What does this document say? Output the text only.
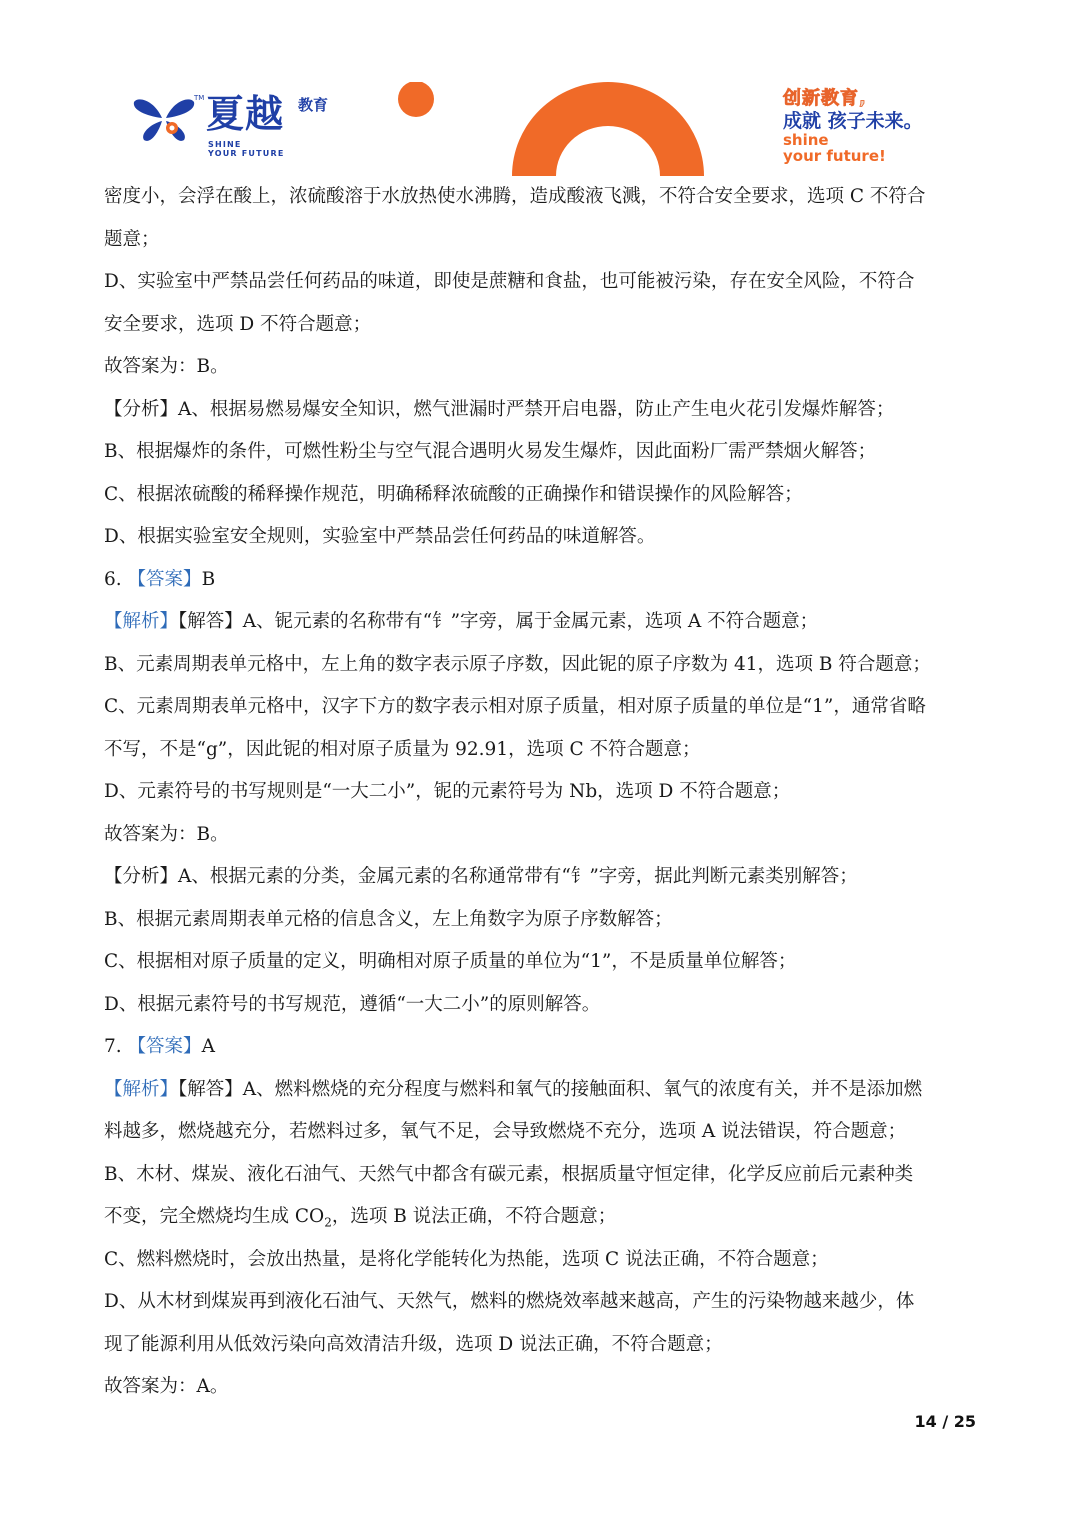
TM 夏越 教育
SHINE
YOUR FUTURE
创新教育,
成就 孩子未来。
shine
your future!
密度小，会浮在酸上，浓硫酸溶于水放热使水沸腾，造成酸液飞溅，不符合安全要求，选项 C 不符合
题意；
D、实验室中严禁品尝任何药品的味道，即使是蔗糖和食盐，也可能被污染，存在安全风险，不符合
安全要求，选项 D 不符合题意；
故答案为：B。
【分析】A、根据易燃易爆安全知识，燃气泄漏时严禁开启电器，防止产生电火花引发爆炸解答；
B、根据爆炸的条件，可燃性粉尘与空气混合遇明火易发生爆炸，因此面粉厂需严禁烟火解答；
C、根据浓硫酸的稀释操作规范，明确稀释浓硫酸的正确操作和错误操作的风险解答；
D、根据实验室安全规则，实验室中严禁品尝任何药品的味道解答。
6. 【答案】B
【解析】【解答】A、铌元素的名称带有“钅”字旁，属于金属元素，选项 A 不符合题意；
B、元素周期表单元格中，左上角的数字表示原子序数，因此铌的原子序数为 41，选项 B 符合题意；
C、元素周期表单元格中，汉字下方的数字表示相对原子质量，相对原子质量的单位是“1”，通常省略
不写，不是“g”，因此铌的相对原子质量为 92.91，选项 C 不符合题意；
D、元素符号的书写规则是“一大二小”，铌的元素符号为 Nb，选项 D 不符合题意；
故答案为：B。
【分析】A、根据元素的分类，金属元素的名称通常带有“钅”字旁，据此判断元素类别解答；
B、根据元素周期表单元格的信息含义，左上角数字为原子序数解答；
C、根据相对原子质量的定义，明确相对原子质量的单位为“1”，不是质量单位解答；
D、根据元素符号的书写规范，遵循“一大二小”的原则解答。
7. 【答案】A
【解析】【解答】A、燃料燃烧的充分程度与燃料和氧气的接触面积、氧气的浓度有关，并不是添加燃
料越多，燃烧越充分，若燃料过多，氧气不足，会导致燃烧不充分，选项 A 说法错误，符合题意；
B、木材、煤炭、液化石油气、天然气中都含有碳元素，根据质量守恒定律，化学反应前后元素种类
不变，完全燃烧均生成 $CO_2$，选项 B 说法正确，不符合题意；
C、燃料燃烧时，会放出热量，是将化学能转化为热能，选项 C 说法正确，不符合题意；
D、从木材到煤炭再到液化石油气、天然气，燃料的燃烧效率越来越高，产生的污染物越来越少，体
现了能源利用从低效污染向高效清洁升级，选项 D 说法正确，不符合题意；
故答案为：A。
14 / 25
